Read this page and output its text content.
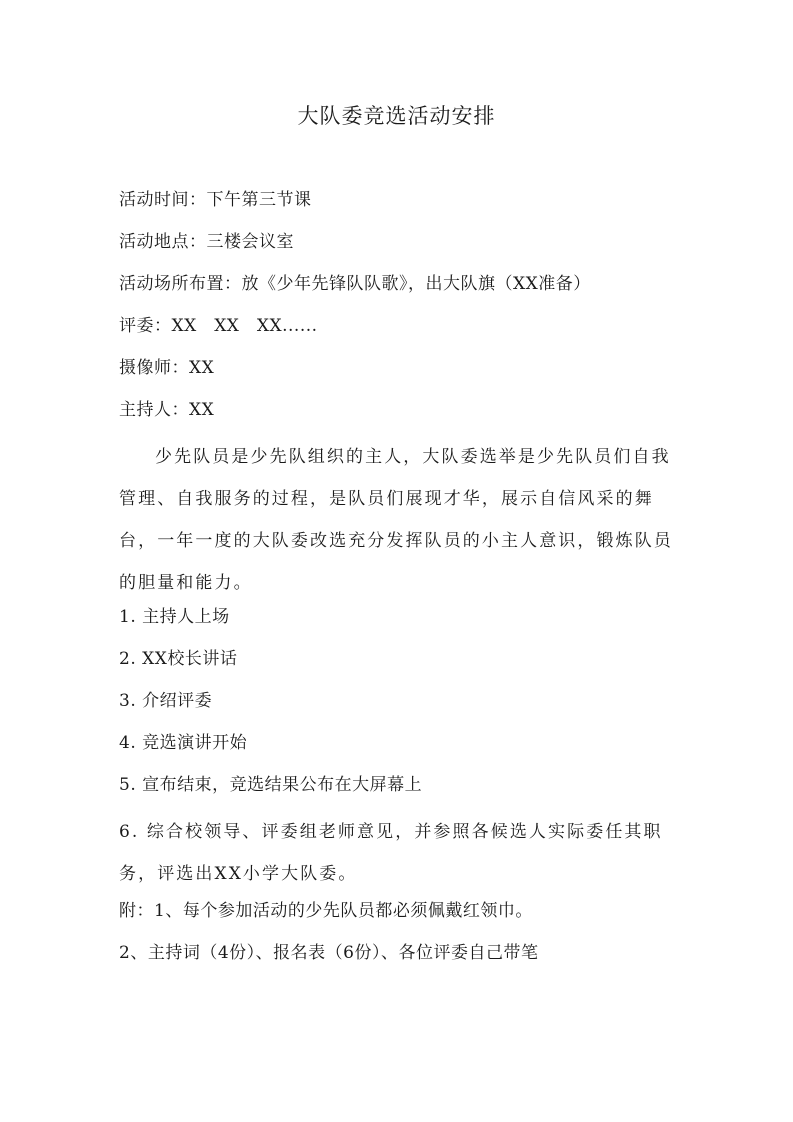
大队委竞选活动安排
活动时间：下午第三节课
活动地点：三楼会议室
活动场所布置：放《少年先锋队队歌》，出大队旗（XX准备）
评委：XX　XX　XX......
摄像师：XX
主持人：XX
少先队员是少先队组织的主人，大队委选举是少先队员们自我管理、自我服务的过程，是队员们展现才华，展示自信风采的舞台，一年一度的大队委改选充分发挥队员的小主人意识，锻炼队员的胆量和能力。
1. 主持人上场
2. XX校长讲话
3. 介绍评委
4. 竞选演讲开始
5. 宣布结束，竞选结果公布在大屏幕上
6. 综合校领导、评委组老师意见，并参照各候选人实际委任其职务，评选出XX小学大队委。
附：1、每个参加活动的少先队员都必须佩戴红领巾。
2、主持词（4份）、报名表（6份）、各位评委自己带笔
